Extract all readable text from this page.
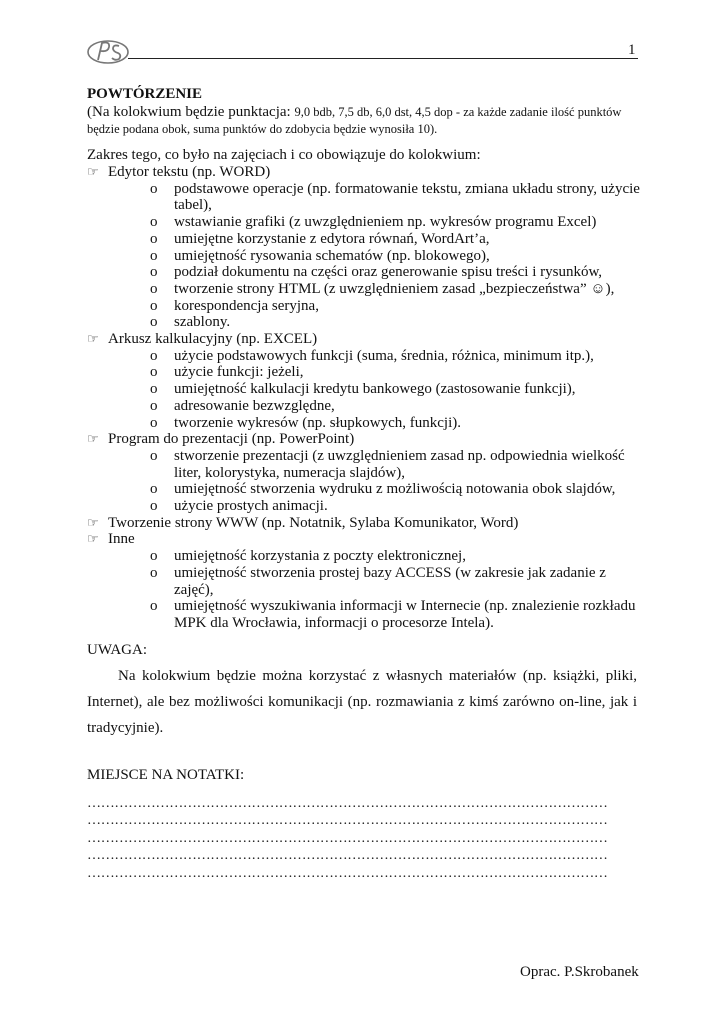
1

POWTÓRZENIE

(Na kolokwium będzie punktacja: 9,0 bdb, 7,5 db, 6,0 dst, 4,5 dop - za każde zadanie ilość punktów będzie podana obok, suma punktów do zdobycia będzie wynosiła 10).

Zakres tego, co było na zajęciach i co obowiązuje do kolokwium:

☞ Edytor tekstu (np. WORD)
o podstawowe operacje (np. formatowanie tekstu, zmiana układu strony, użycie tabel),
o wstawianie grafiki (z uwzględnieniem np. wykresów programu Excel)
o umiejętne korzystanie z edytora równań, WordArt’a,
o umiejętność rysowania schematów (np. blokowego),
o podział dokumentu na części oraz generowanie spisu treści i rysunków,
o tworzenie strony HTML (z uwzględnieniem zasad „bezpieczeństwa” ☺),
o korespondencja seryjna,
o szablony.
☞ Arkusz kalkulacyjny (np. EXCEL)
o użycie podstawowych funkcji (suma, średnia, różnica, minimum itp.),
o użycie funkcji: jeżeli,
o umiejętność kalkulacji kredytu bankowego (zastosowanie funkcji),
o adresowanie bezwzględne,
o tworzenie wykresów (np. słupkowych, funkcji).
☞ Program do prezentacji (np. PowerPoint)
o stworzenie prezentacji (z uwzględnieniem zasad np. odpowiednia wielkość liter, kolorystyka, numeracja slajdów),
o umiejętność stworzenia wydruku z możliwością notowania obok slajdów,
o użycie prostych animacji.
☞ Tworzenie strony WWW (np. Notatnik, Sylaba Komunikator, Word)
☞ Inne
o umiejętność korzystania z poczty elektronicznej,
o umiejętność stworzenia prostej bazy ACCESS (w zakresie jak zadanie z zajęć),
o umiejętność wyszukiwania informacji w Internecie (np. znalezienie rozkładu MPK dla Wrocławia, informacji o procesorze Intela).

UWAGA:

Na kolokwium będzie można korzystać z własnych materiałów (np. książki, pliki, Internet), ale bez możliwości komunikacji (np. rozmawiania z kimś zarówno on-line, jak i tradycyjnie).

MIEJSCE NA NOTATKI:

……………………………………………………………………………………………………
……………………………………………………………………………………………………
……………………………………………………………………………………………………
……………………………………………………………………………………………………
……………………………………………………………………………………………………

Oprac. P.Skrobanek
